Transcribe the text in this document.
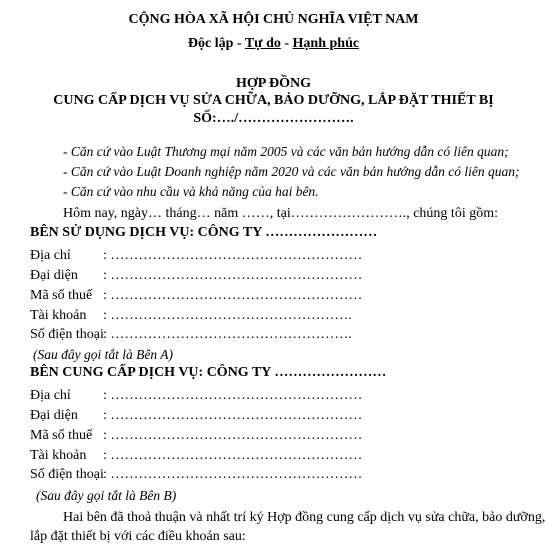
CỘNG HÒA XÃ HỘI CHỦ NGHĨA VIỆT NAM
Độc lập - Tự do - Hạnh phúc
HỢP ĐỒNG
CUNG CẤP DỊCH VỤ SỬA CHỮA, BẢO DƯỠNG, LẮP ĐẶT THIẾT BỊ
SỐ:…./…………………….
- Căn cứ vào Luật Thương mại năm 2005 và các văn bản hướng dẫn có liên quan;
- Căn cứ vào Luật Doanh nghiệp năm 2020 và các văn bản hướng dẫn có liên quan;
- Căn cứ vào nhu cầu và khả năng của hai bên.
Hôm nay, ngày… tháng… năm ……, tại……………………., chúng tôi gồm:
BÊN SỬ DỤNG DỊCH VỤ: CÔNG TY ……………………
Địa chỉ : ………………………………………………
Đại diện : ………………………………………………
Mã số thuế : ………………………………………………
Tài khoản : …………………………………………….
Số điện thoại: …………………………………………….
(Sau đây gọi tắt là Bên A)
BÊN CUNG CẤP DỊCH VỤ: CÔNG TY ……………………
Địa chỉ : ………………………………………………
Đại diện : ………………………………………………
Mã số thuế : ………………………………………………
Tài khoản : ………………………………………………
Số điện thoại: ………………………………………………
(Sau đây gọi tắt là Bên B)
Hai bên đã thoả thuận và nhất trí ký Hợp đồng cung cấp dịch vụ sửa chữa, bảo dưỡng,
lắp đặt thiết bị với các điều khoản sau:
